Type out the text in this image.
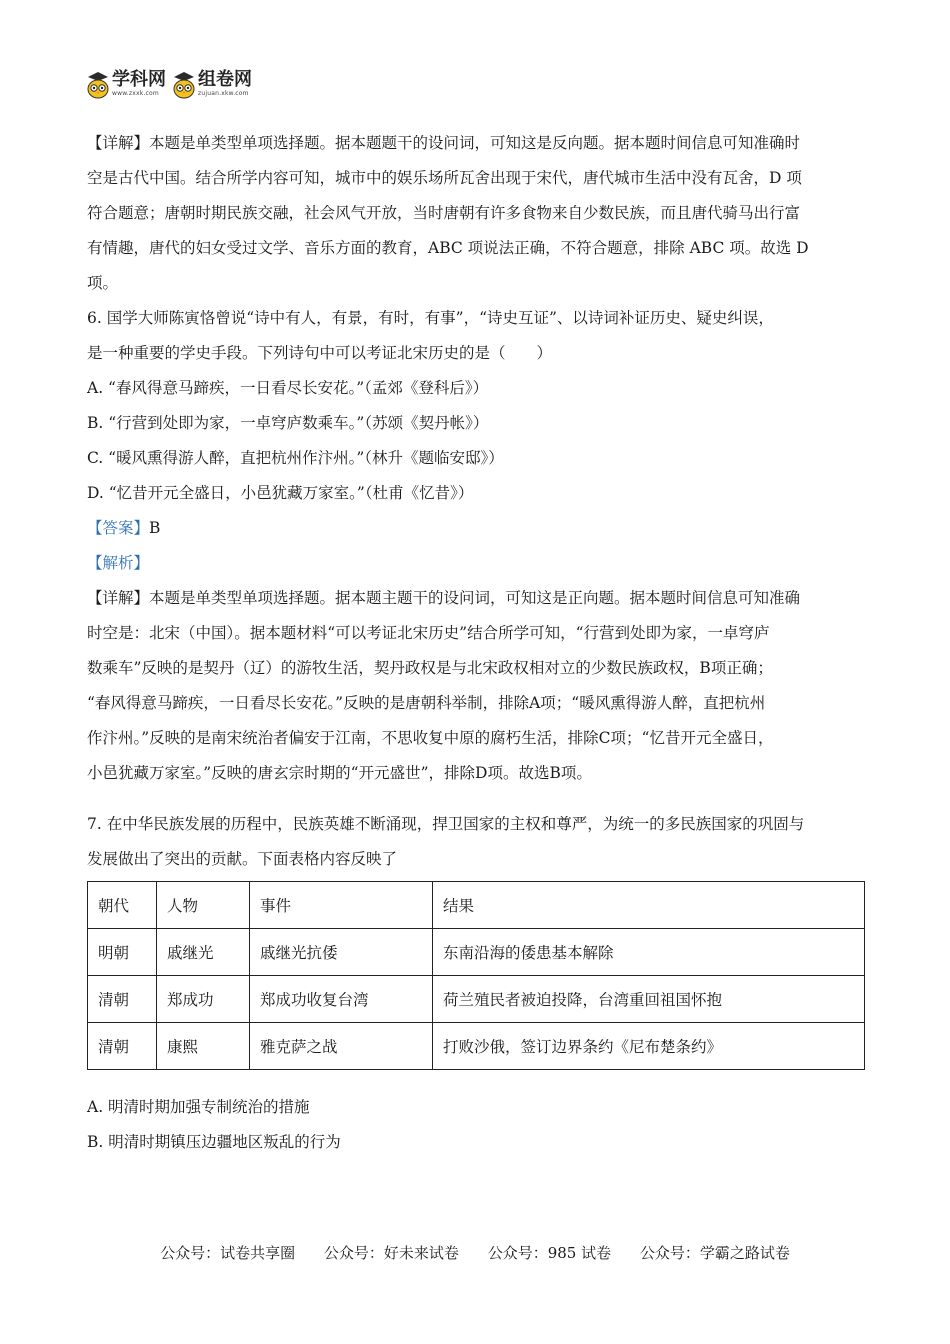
学科网
www.zxxk.com
组卷网
zujuan.xkw.com
【详解】本题是单类型单项选择题。据本题题干的设问词，可知这是反向题。据本题时间信息可知准确时
空是古代中国。结合所学内容可知，城市中的娱乐场所瓦舍出现于宋代，唐代城市生活中没有瓦舍，D 项
符合题意；唐朝时期民族交融，社会风气开放，当时唐朝有许多食物来自少数民族，而且唐代骑马出行富
有情趣，唐代的妇女受过文学、音乐方面的教育，ABC 项说法正确，不符合题意，排除 ABC 项。故选 D
项。
6. 国学大师陈寅恪曾说“诗中有人，有景，有时，有事”，“诗史互证”、以诗词补证历史、疑史纠误，
是一种重要的学史手段。下列诗句中可以考证北宋历史的是（　　）
A. “春风得意马蹄疾，一日看尽长安花。”（孟郊《登科后》）
B. “行营到处即为家，一卓穹庐数乘车。”（苏颂《契丹帐》）
C. “暖风熏得游人醉，直把杭州作汴州。”（林升《题临安邸》）
D. “忆昔开元全盛日，小邑犹藏万家室。”（杜甫《忆昔》）
【答案】B
【解析】
【详解】本题是单类型单项选择题。据本题主题干的设问词，可知这是正向题。据本题时间信息可知准确
时空是：北宋（中国）。据本题材料“可以考证北宋历史”结合所学可知，“行营到处即为家，一卓穹庐
数乘车”反映的是契丹（辽）的游牧生活，契丹政权是与北宋政权相对立的少数民族政权，B项正确；
“春风得意马蹄疾，一日看尽长安花。”反映的是唐朝科举制，排除A项；“暖风熏得游人醉，直把杭州
作汴州。”反映的是南宋统治者偏安于江南，不思收复中原的腐朽生活，排除C项；“忆昔开元全盛日，
小邑犹藏万家室。”反映的唐玄宗时期的“开元盛世”，排除D项。故选B项。
7. 在中华民族发展的历程中，民族英雄不断涌现，捍卫国家的主权和尊严，为统一的多民族国家的巩固与
发展做出了突出的贡献。下面表格内容反映了
朝代	人物	事件	结果
明朝	戚继光	戚继光抗倭	东南沿海的倭患基本解除
清朝	郑成功	郑成功收复台湾	荷兰殖民者被迫投降，台湾重回祖国怀抱
清朝	康熙	雅克萨之战	打败沙俄，签订边界条约《尼布楚条约》
A. 明清时期加强专制统治的措施
B. 明清时期镇压边疆地区叛乱的行为
公众号：试卷共享圈 公众号：好未来试卷 公众号：985 试卷 公众号：学霸之路试卷
